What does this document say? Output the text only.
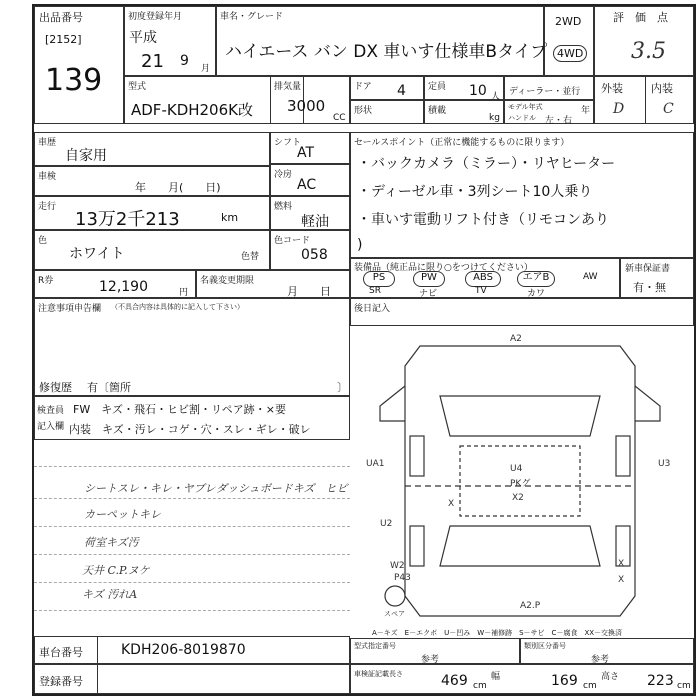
出品番号
[2152]
139
初度登録年月
平成
21 9 月
車名・グレード
ハイエース バン DX 車いす仕様車Bタイプ
2WD
4WD
評　価　点
3.5
型式
ADF-KDH206K改
排気量
3000
CC
ドア 4 定員 10 人 ディーラー・並行
形状	積載
kg
モデル年式	年
ハンドル 左・右
外装	内装
D	C
車歴
自家用
車検
年　　月(　　日)
走行
13万2千213	km
色
ホワイト	色替
シフト
AT
冷房
AC
燃料
軽油
色コード
058
R券	12,190	円
名義変更期限
月　　日
セールスポイント（正常に機能するものに限ります）
・バックカメラ（ミラー）・リヤヒーター
・ディーゼル車・3列シート10人乗り
・車いす電動リフト付き（リモコンあり
)
装備品（純正品に限り○をつけてください）
PS	PW	ABS	エアB	AW
SR	ナビ	TV	カワ
新車保証書
有・無
注意事項申告欄 （不具合内容は具体的に記入して下さい）
修復歴 有〔箇所	〕
後日記入
検査員
記入欄
FW　キズ・飛石・ヒビ割・リペア跡・×要
内装　キズ・汚レ・コゲ・穴・スレ・ギレ・破レ
シートスレ・キレ・ヤブレ ダッシュボードキズ　ヒビ
カーペットキレ
荷室キズ汚
天井 C.P.ヌケ
キズ 汚れA
A2
U4
PKグ
X2
UA1	U3
U2
X
W2
P43
A2.P
X
X
スペア
A－キズ　E－エクボ　U－凹み　W－補修跡　S－サビ　C－腐食　XX－交換済
車台番号	KDH206-8019870
登録番号
型式指定番号
参考
類別区分番号
参考
車検証記載長さ	469 cm
幅	169 cm
高さ 223 cm
